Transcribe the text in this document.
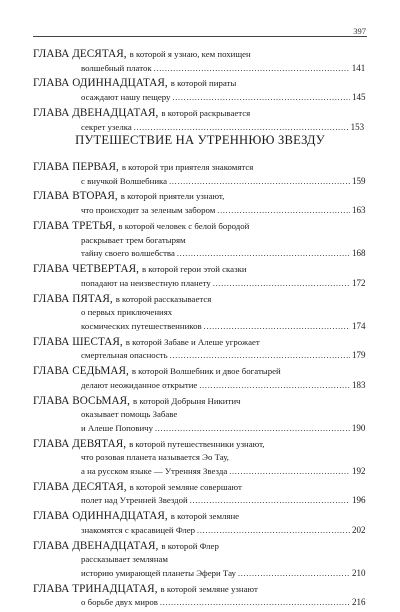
397
ГЛАВА ДЕСЯТАЯ, в которой я узнаю, кем похищен
волшебный платок . . .	141
ГЛАВА ОДИННАДЦАТАЯ, в которой пираты
осаждают нашу пещеру . . .	145
ГЛАВА ДВЕНАДЦАТАЯ, в которой раскрывается
секрет узелка . . .	153
ПУТЕШЕСТВИЕ НА УТРЕННЮЮ ЗВЕЗДУ
ГЛАВА ПЕРВАЯ, в которой три приятеля знакомятся
с внучкой Волшебника . . .	159
ГЛАВА ВТОРАЯ, в которой приятели узнают,
что происходит за зеленым забором . . .	163
ГЛАВА ТРЕТЬЯ, в которой человек с белой бородой
раскрывает трем богатырям
тайну своего волшебства . . .	168
ГЛАВА ЧЕТВЕРТАЯ, в которой герои этой сказки
попадают на неизвестную планету . . .	172
ГЛАВА ПЯТАЯ, в которой рассказывается
о первых приключениях
космических путешественников . . .	174
ГЛАВА ШЕСТАЯ, в которой Забаве и Алеше угрожает
смертельная опасность . . .	179
ГЛАВА СЕДЬМАЯ, в которой Волшебник и двое богатырей
делают неожиданное открытие . . .	183
ГЛАВА ВОСЬМАЯ, в которой Добрыня Никитич
оказывает помощь Забаве
и Алеше Поповичу . . .	190
ГЛАВА ДЕВЯТАЯ, в которой путешественники узнают,
что розовая планета называется Эо Тау,
а на русском языке — Утренняя Звезда . . .	192
ГЛАВА ДЕСЯТАЯ, в которой земляне совершают
полет над Утренней Звездой . . .	196
ГЛАВА ОДИННАДЦАТАЯ, в которой земляне
знакомятся с красавицей Флер . . .	202
ГЛАВА ДВЕНАДЦАТАЯ, в которой Флер
рассказывает землянам
историю умирающей планеты Эфери Тау . . .	210
ГЛАВА ТРИНАДЦАТАЯ, в которой земляне узнают
о борьбе двух миров . . .	216
